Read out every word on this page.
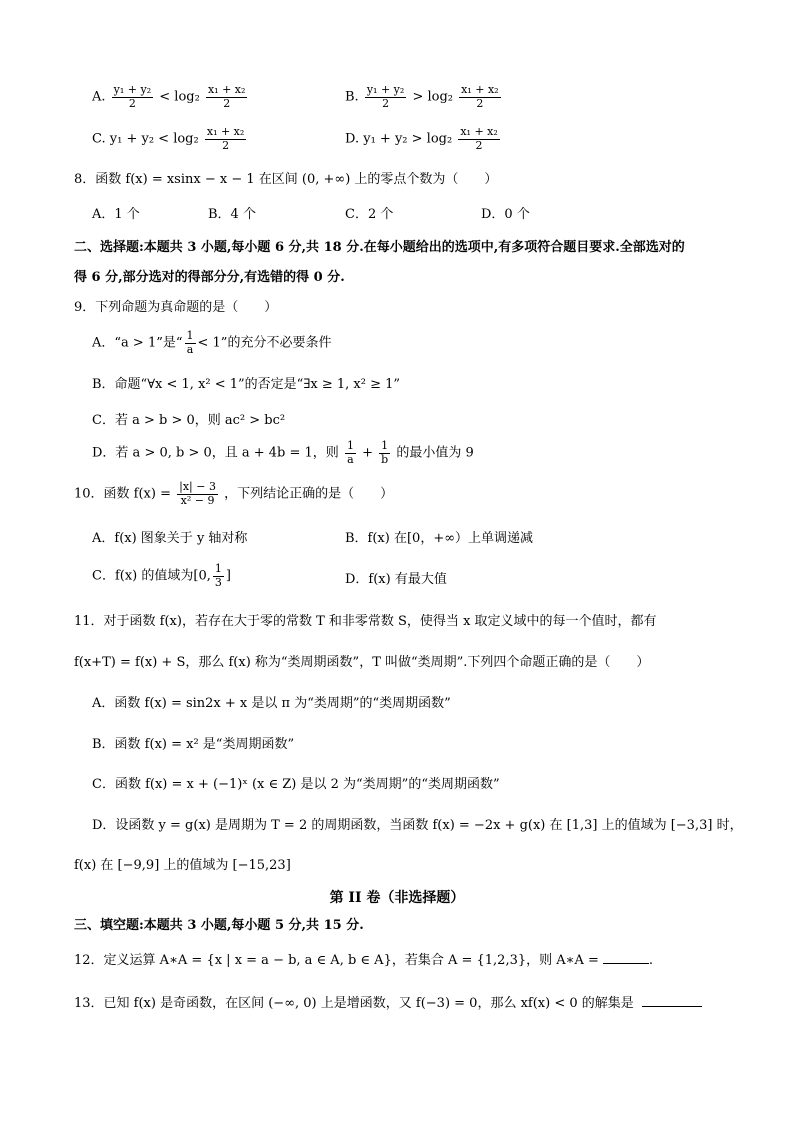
A. $\frac{\text{y₁ + y₂}}{2} < \log_2 \frac{\text{x₁ + x₂}}{2}$	B. $\frac{\text{y₁ + y₂}}{2} > \log_2 \frac{\text{x₁ + x₂}}{2}$
C. $y_1 + y_2 < \log_2 \frac{\text{x₁ + x₂}}{2}$	D. $y_1 + y_2 > \log_2 \frac{\text{x₁ + x₂}}{2}$
8．函数 f(x) = xsinx − x − 1 在区间 (0, +∞) 上的零点个数为（　　）
A．1 个	B．4 个	C．2 个	D．0 个
二、选择题:本题共 3 小题,每小题 6 分,共 18 分.在每小题给出的选项中,有多项符合题目要求.全部选对的
得 6 分,部分选对的得部分分,有选错的得 0 分.
9．下列命题为真命题的是（　　）
A．“a > 1”是“ $\frac{1}{a} < 1$”的充分不必要条件
B．命题“∀x < 1, x² < 1”的否定是“∃x ≥ 1, x² ≥ 1”
C．若 a > b > 0，则 ac² > bc²
D．若 a > 0, b > 0，且 a + 4b = 1，则 $\frac{1}{a} + \frac{1}{b}$ 的最小值为 9
10．函数 $f(x) = \frac{|x| - 3}{\text{x² − 9}}$ ，下列结论正确的是（　　）
A．f(x) 图象关于 y 轴对称	B．f(x) 在[0，+∞）上单调递减
C．f(x) 的值域为[0, $\frac{1}{3}$ ]	D．f(x) 有最大值
11．对于函数 f(x)，若存在大于零的常数 T 和非零常数 S，使得当 x 取定义域中的每一个值时，都有
f(x+T) = f(x) + S，那么 f(x) 称为“类周期函数”，T 叫做“类周期”.下列四个命题正确的是（　　）
A．函数 f(x) = sin2x + x 是以 π 为“类周期”的“类周期函数”
B．函数 f(x) = x² 是“类周期函数”
C．函数 f(x) = x + (−1)ˣ (x ∈ Z) 是以 2 为“类周期”的“类周期函数”
D．设函数 y = g(x) 是周期为 T = 2 的周期函数，当函数 f(x) = −2x + g(x) 在 [1,3] 上的值域为 [−3,3] 时，
f(x) 在 [−9,9] 上的值域为 [−15,23]
第 II 卷（非选择题）
三、填空题:本题共 3 小题,每小题 5 分,共 15 分.
12．定义运算 A∗A = {x | x = a − b, a ∈ A, b ∈ A}，若集合 A = {1,2,3}，则 A∗A =	.
13．已知 f(x) 是奇函数，在区间 (−∞, 0) 上是增函数，又 f(−3) = 0，那么 xf(x) < 0 的解集是
